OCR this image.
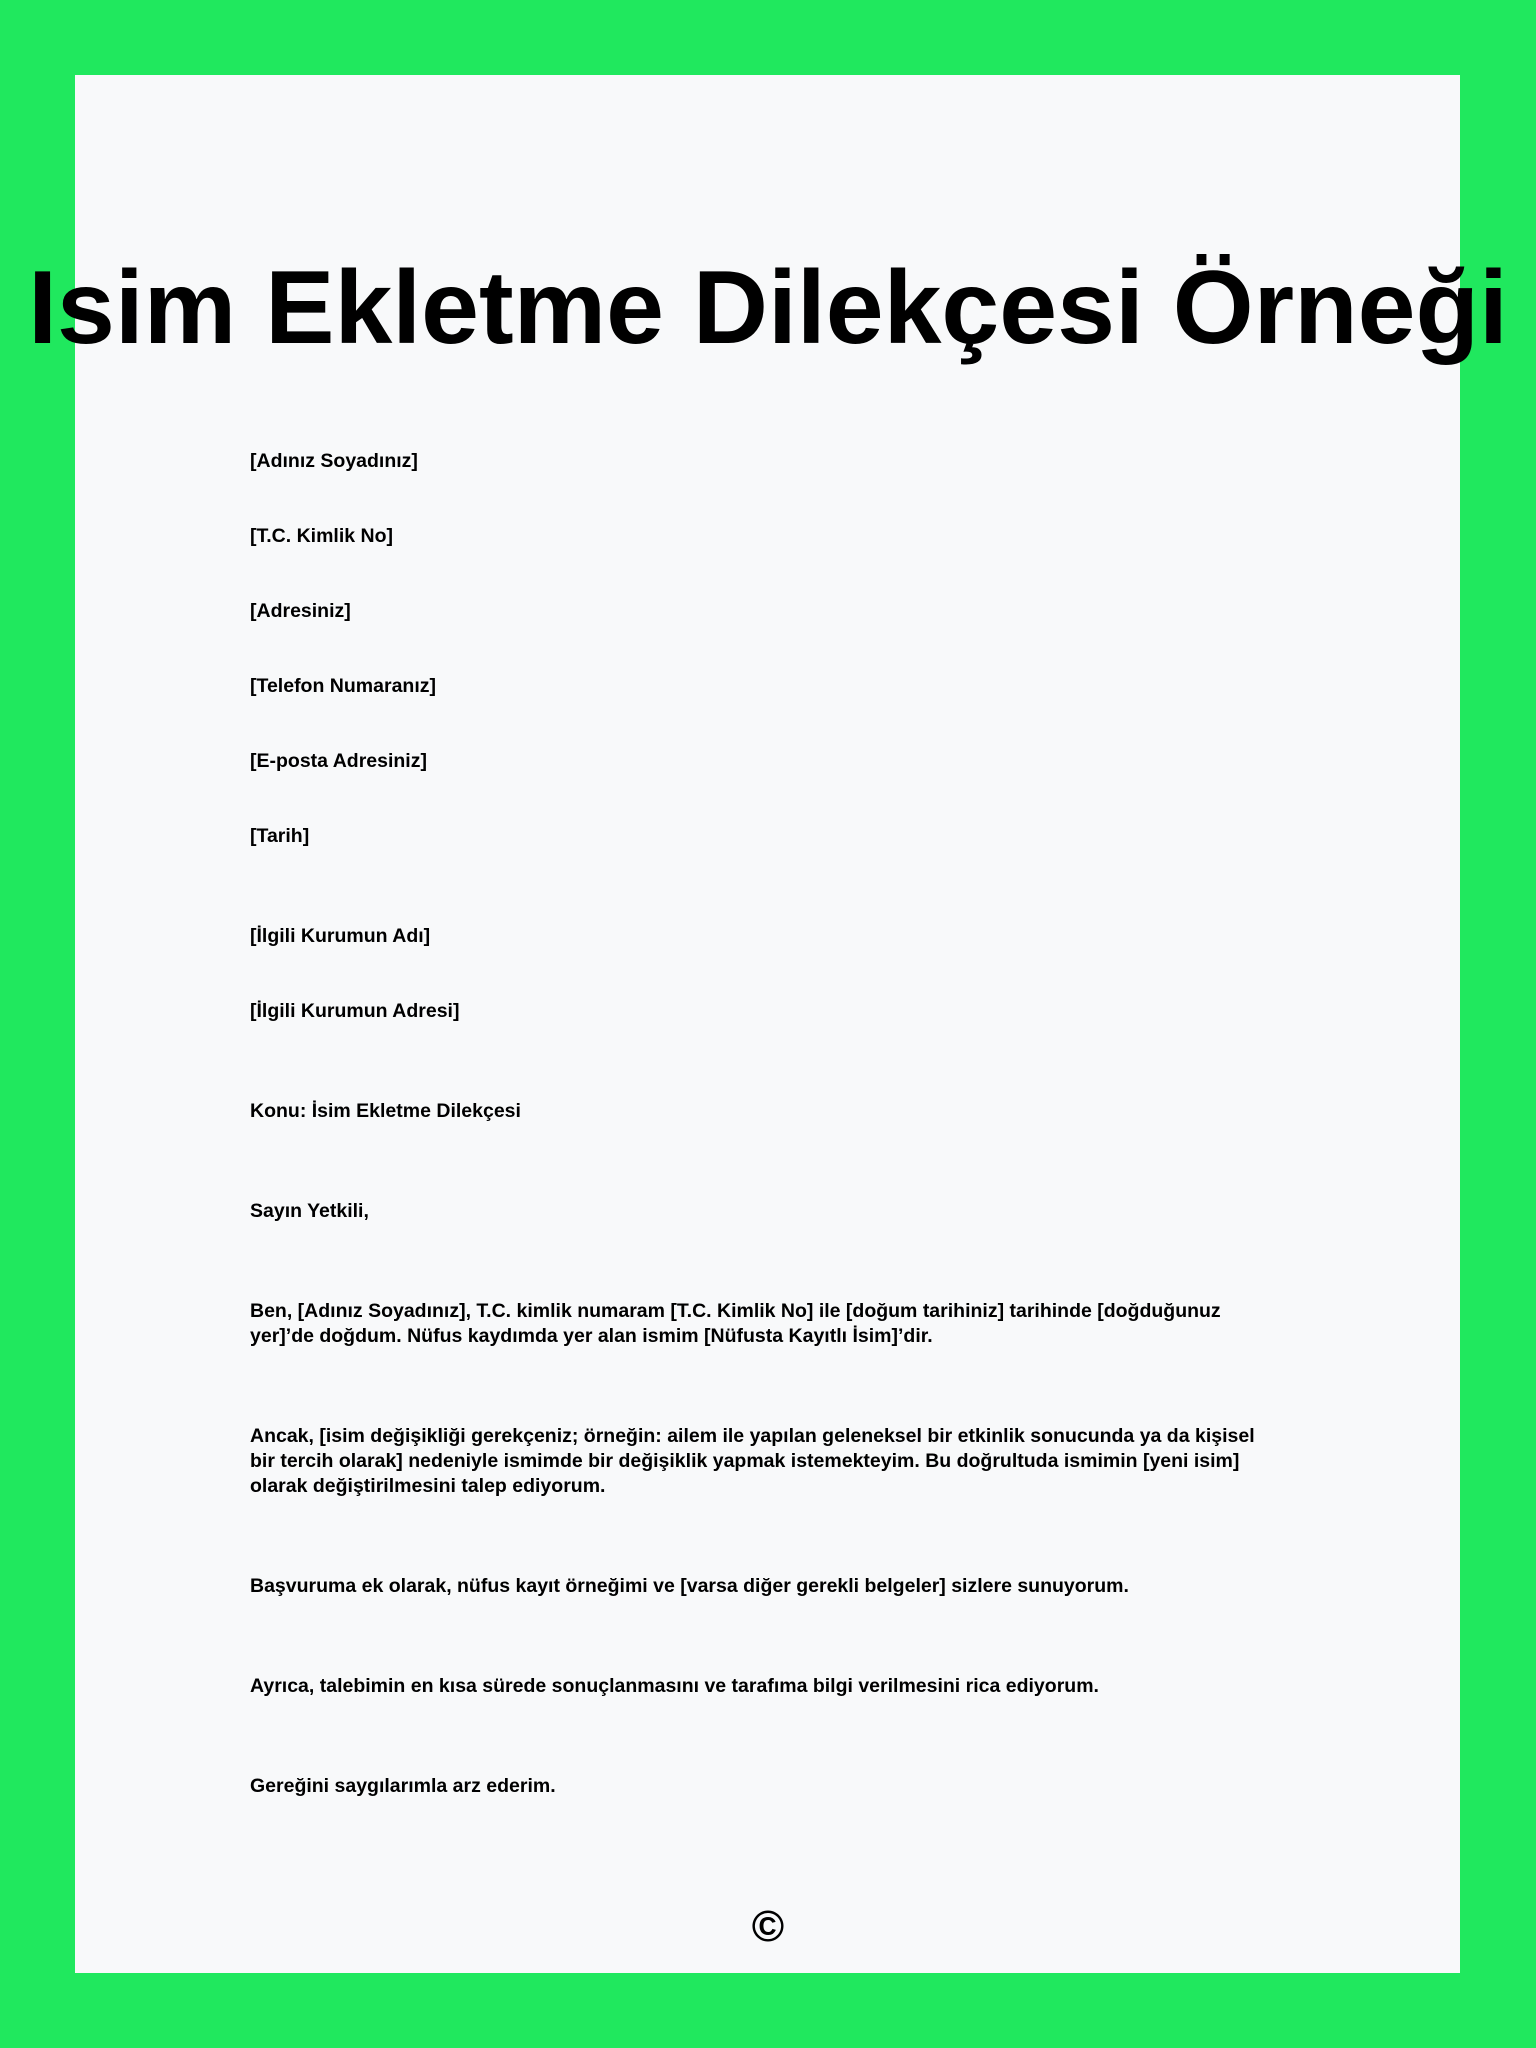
Isim Ekletme Dilekçesi Örneği

[Adınız Soyadınız]

[T.C. Kimlik No]

[Adresiniz]

[Telefon Numaranız]

[E-posta Adresiniz]

[Tarih]

[İlgili Kurumun Adı]

[İlgili Kurumun Adresi]

Konu: İsim Ekletme Dilekçesi

Sayın Yetkili,

Ben, [Adınız Soyadınız], T.C. kimlik numaram [T.C. Kimlik No] ile [doğum tarihiniz] tarihinde [doğduğunuz yer]’de doğdum. Nüfus kaydımda yer alan ismim [Nüfusta Kayıtlı İsim]’dir.

Ancak, [isim değişikliği gerekçeniz; örneğin: ailem ile yapılan geleneksel bir etkinlik sonucunda ya da kişisel bir tercih olarak] nedeniyle ismimde bir değişiklik yapmak istemekteyim. Bu doğrultuda ismimin [yeni isim] olarak değiştirilmesini talep ediyorum.

Başvuruma ek olarak, nüfus kayıt örneğimi ve [varsa diğer gerekli belgeler] sizlere sunuyorum.

Ayrıca, talebimin en kısa sürede sonuçlanmasını ve tarafıma bilgi verilmesini rica ediyorum.

Gereğini saygılarımla arz ederim.

©
